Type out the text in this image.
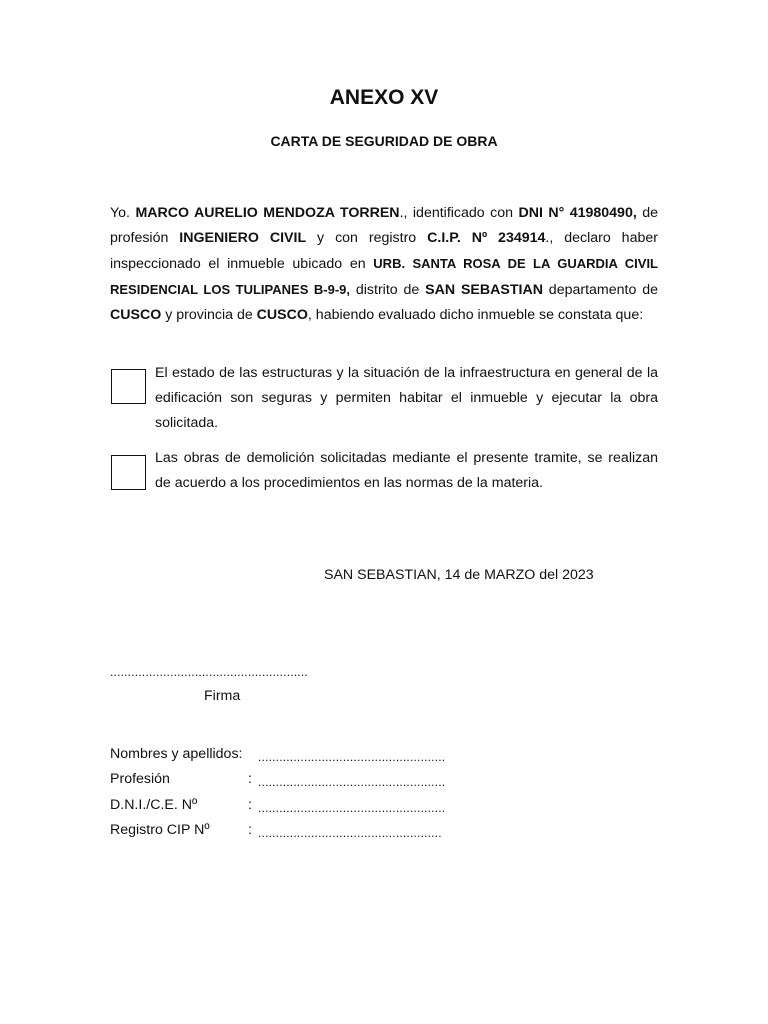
ANEXO XV
CARTA DE SEGURIDAD DE OBRA
Yo. MARCO AURELIO MENDOZA TORREN., identificado con DNI N° 41980490, de profesión INGENIERO CIVIL y con registro C.I.P. Nº 234914., declaro haber inspeccionado el inmueble ubicado en URB. SANTA ROSA DE LA GUARDIA CIVIL RESIDENCIAL LOS TULIPANES B-9-9, distrito de SAN SEBASTIAN departamento de CUSCO y provincia de CUSCO, habiendo evaluado dicho inmueble se constata que:
El estado de las estructuras y la situación de la infraestructura en general de la edificación son seguras y permiten habitar el inmueble y ejecutar la obra solicitada.
Las obras de demolición solicitadas mediante el presente tramite, se realizan de acuerdo a los procedimientos en las normas de la materia.
SAN SEBASTIAN, 14 de MARZO del 2023
........................................................
Firma
Nombres y apellidos: .....................................................
Profesión	: .....................................................
D.N.I./C.E. Nº	: .....................................................
Registro CIP Nº	: ....................................................
